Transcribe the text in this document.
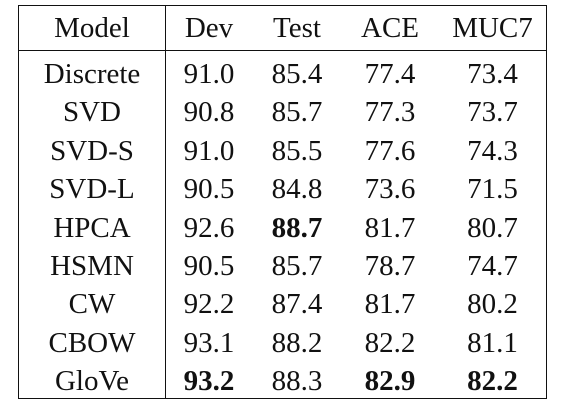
Model	Dev	Test	ACE	MUC7
Discrete	91.0	85.4	77.4	73.4
SVD	90.8	85.7	77.3	73.7
SVD-S	91.0	85.5	77.6	74.3
SVD-L	90.5	84.8	73.6	71.5
HPCA	92.6	88.7	81.7	80.7
HSMN	90.5	85.7	78.7	74.7
CW	92.2	87.4	81.7	80.2
CBOW	93.1	88.2	82.2	81.1
GloVe	93.2	88.3	82.9	82.2
